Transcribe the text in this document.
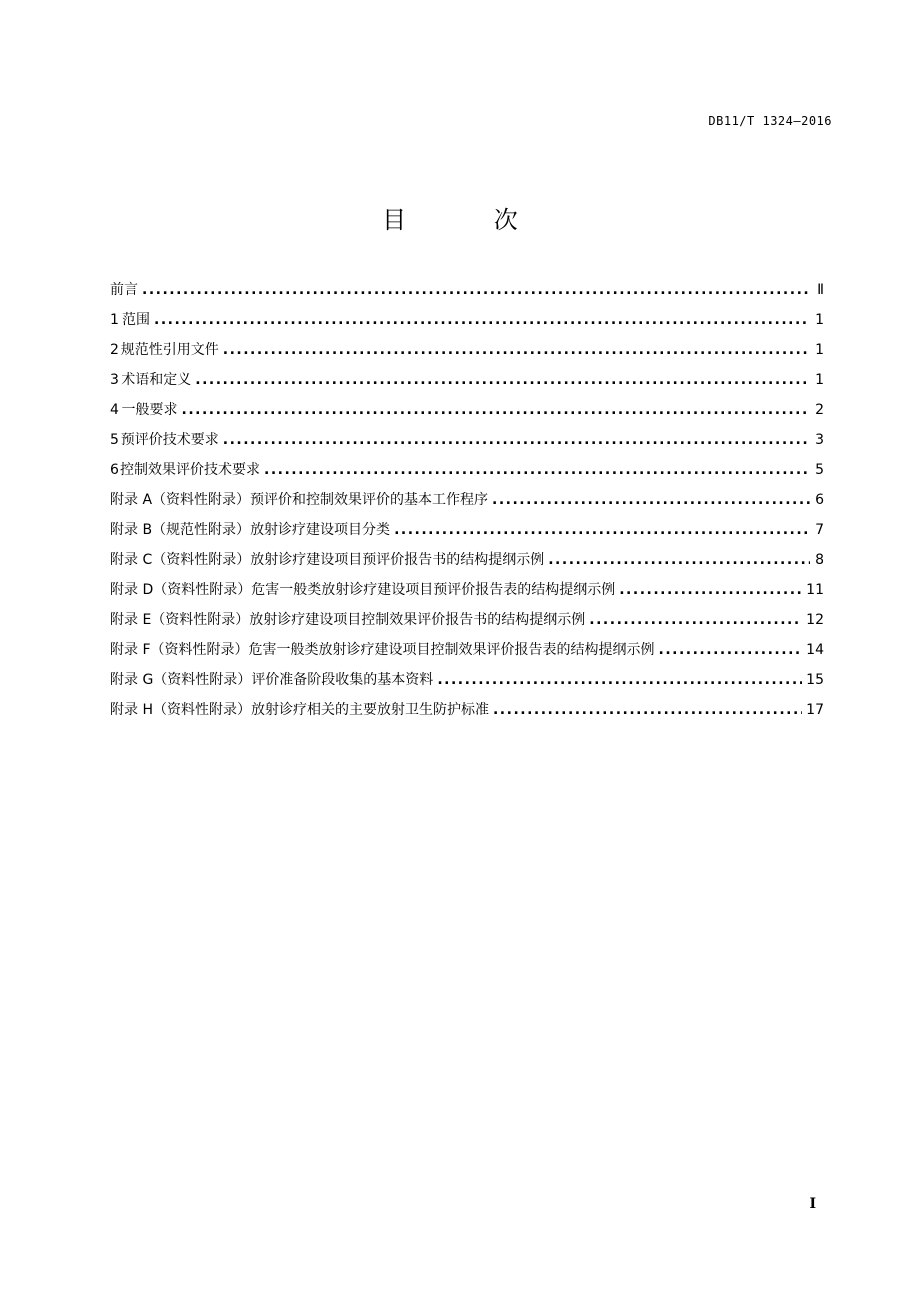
DB11/T 1324—2016
目 次
前言 .....	Ⅱ
1 范围 .....	1
2 规范性引用文件 .....	1
3 术语和定义 .....	1
4 一般要求 .....	2
5 预评价技术要求 .....	3
6 控制效果评价技术要求 .....	5
附录 A（资料性附录） 预评价和控制效果评价的基本工作程序 .....	6
附录 B（规范性附录） 放射诊疗建设项目分类 .....	7
附录 C（资料性附录） 放射诊疗建设项目预评价报告书的结构提纲示例 .....	8
附录 D（资料性附录） 危害一般类放射诊疗建设项目预评价报告表的结构提纲示例 .....	11
附录 E（资料性附录） 放射诊疗建设项目控制效果评价报告书的结构提纲示例 .....	12
附录 F（资料性附录） 危害一般类放射诊疗建设项目控制效果评价报告表的结构提纲示例 .....	14
附录 G（资料性附录） 评价准备阶段收集的基本资料 .....	15
附录 H（资料性附录） 放射诊疗相关的主要放射卫生防护标准 .....	17
I
